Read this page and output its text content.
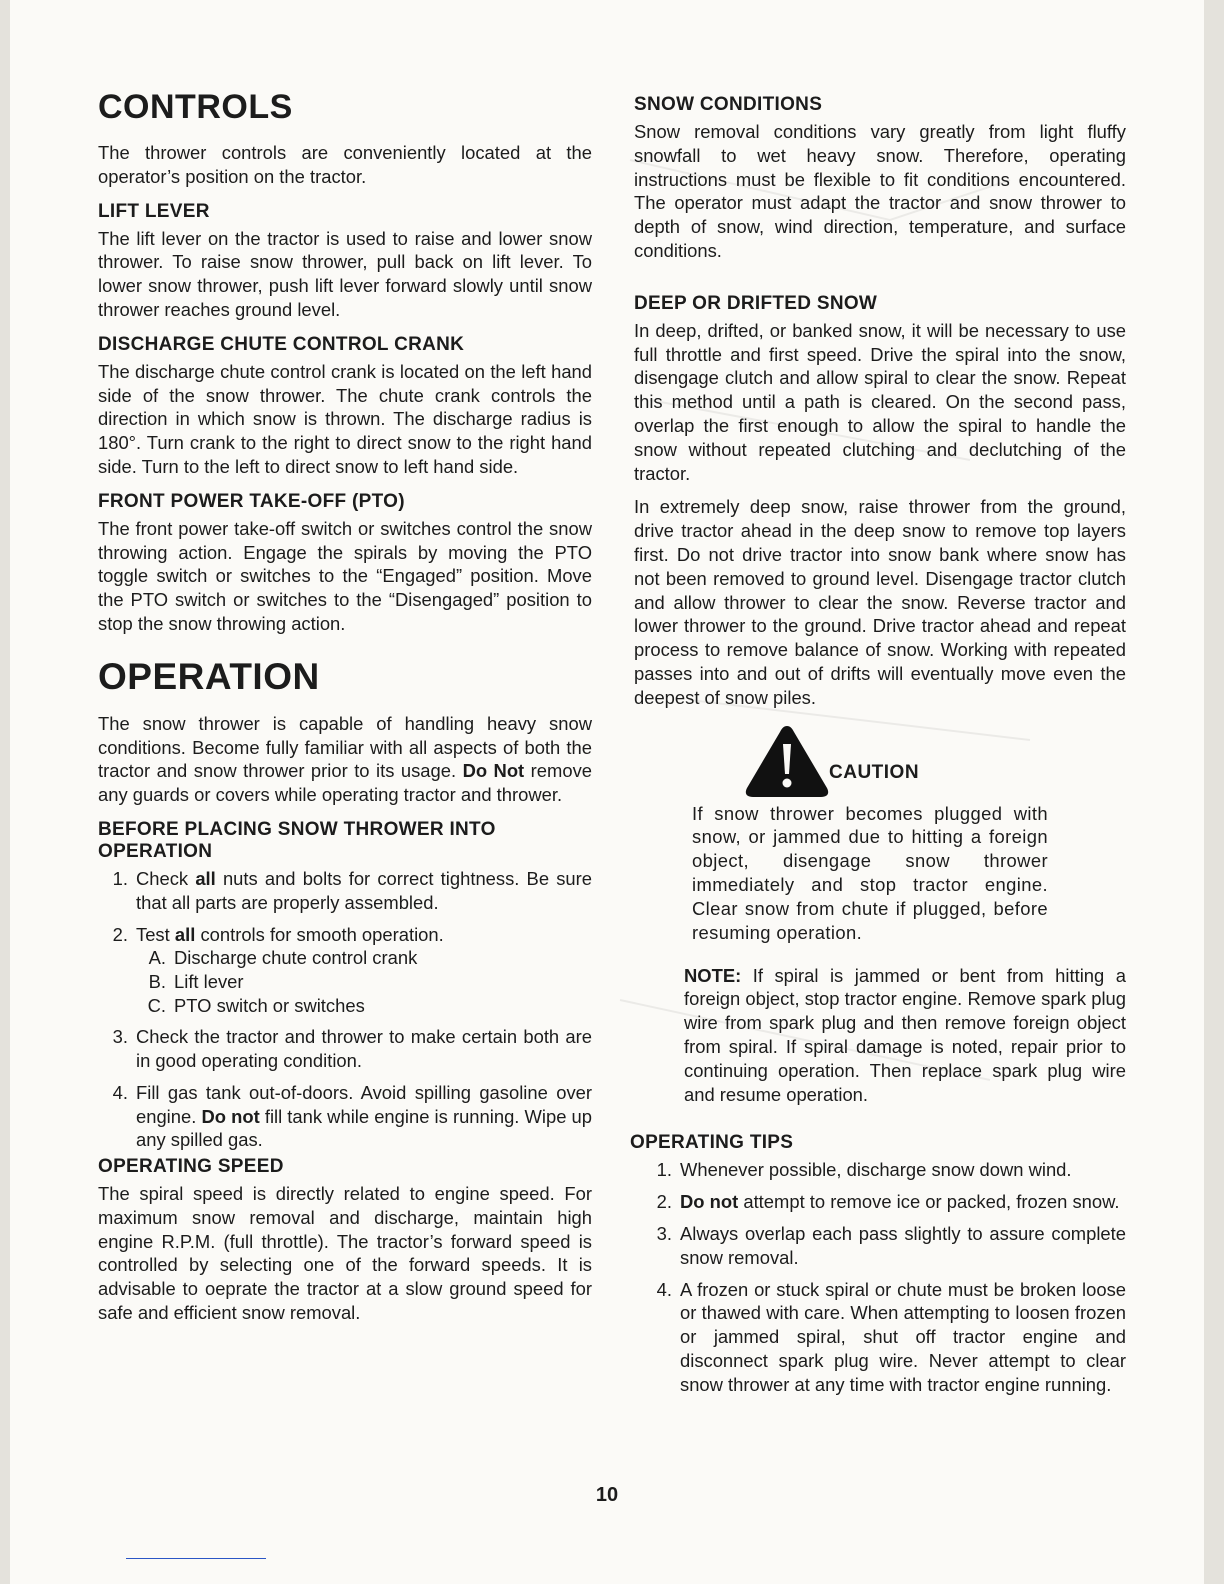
CONTROLS

The thrower controls are conveniently located at the operator’s position on the tractor.

LIFT LEVER

The lift lever on the tractor is used to raise and lower snow thrower. To raise snow thrower, pull back on lift lever. To lower snow thrower, push lift lever forward slowly until snow thrower reaches ground level.

DISCHARGE CHUTE CONTROL CRANK

The discharge chute control crank is located on the left hand side of the snow thrower. The chute crank controls the direction in which snow is thrown. The discharge radius is 180°. Turn crank to the right to direct snow to the right hand side. Turn to the left to direct snow to left hand side.

FRONT POWER TAKE-OFF (PTO)

The front power take-off switch or switches control the snow throwing action. Engage the spirals by moving the PTO toggle switch or switches to the “Engaged” position. Move the PTO switch or switches to the “Disengaged” position to stop the snow throwing action.

OPERATION

The snow thrower is capable of handling heavy snow conditions. Become fully familiar with all aspects of both the tractor and snow thrower prior to its usage. Do Not remove any guards or covers while operating tractor and thrower.

BEFORE PLACING SNOW THROWER INTO OPERATION
1. Check all nuts and bolts for correct tightness. Be sure that all parts are properly assembled.
2. Test all controls for smooth operation.
A. Discharge chute control crank
B. Lift lever
C. PTO switch or switches
3. Check the tractor and thrower to make certain both are in good operating condition.
4. Fill gas tank out-of-doors. Avoid spilling gasoline over engine. Do not fill tank while engine is running. Wipe up any spilled gas.
OPERATING SPEED

The spiral speed is directly related to engine speed. For maximum snow removal and discharge, maintain high engine R.P.M. (full throttle). The tractor’s forward speed is controlled by selecting one of the forward speeds. It is advisable to oeprate the tractor at a slow ground speed for safe and efficient snow removal.

SNOW CONDITIONS

Snow removal conditions vary greatly from light fluffy snowfall to wet heavy snow. Therefore, operating instructions must be flexible to fit conditions encountered. The operator must adapt the tractor and snow thrower to depth of snow, wind direction, temperature, and surface conditions.

DEEP OR DRIFTED SNOW

In deep, drifted, or banked snow, it will be necessary to use full throttle and first speed. Drive the spiral into the snow, disengage clutch and allow spiral to clear the snow. Repeat this method until a path is cleared. On the second pass, overlap the first enough to allow the spiral to handle the snow without repeated clutching and declutching of the tractor.

In extremely deep snow, raise thrower from the ground, drive tractor ahead in the deep snow to remove top layers first. Do not drive tractor into snow bank where snow has not been removed to ground level. Disengage tractor clutch and allow thrower to clear the snow. Reverse tractor and lower thrower to the ground. Drive tractor ahead and repeat process to remove balance of snow. Working with repeated passes into and out of drifts will eventually move even the deepest of snow piles.

CAUTION
If snow thrower becomes plugged with snow, or jammed due to hitting a foreign object, disengage snow thrower immediately and stop tractor engine. Clear snow from chute if plugged, before resuming operation.

NOTE: If spiral is jammed or bent from hitting a foreign object, stop tractor engine. Remove spark plug wire from spark plug and then remove foreign object from spiral. If spiral damage is noted, repair prior to continuing operation. Then replace spark plug wire and resume operation.

OPERATING TIPS
1. Whenever possible, discharge snow down wind.
2. Do not attempt to remove ice or packed, frozen snow.
3. Always overlap each pass slightly to assure complete snow removal.
4. A frozen or stuck spiral or chute must be broken loose or thawed with care. When attempting to loosen frozen or jammed spiral, shut off tractor engine and disconnect spark plug wire. Never attempt to clear snow thrower at any time with tractor engine running.
10
